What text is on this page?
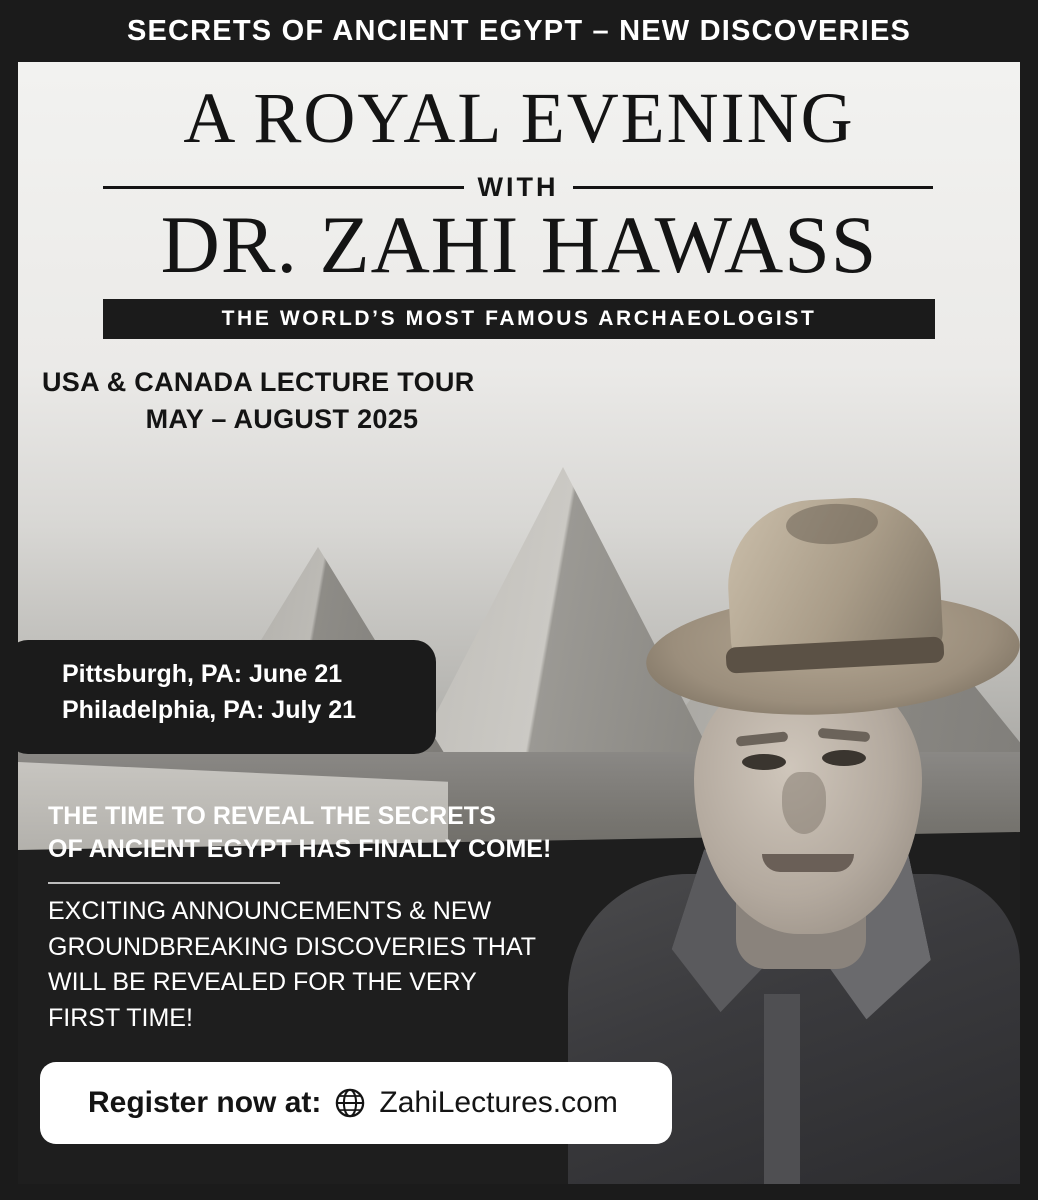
SECRETS OF ANCIENT EGYPT – NEW DISCOVERIES
A ROYAL EVENING
WITH
DR. ZAHI HAWASS
THE WORLD’S MOST FAMOUS ARCHAEOLOGIST
USA & CANADA LECTURE TOUR
MAY – AUGUST 2025
Pittsburgh, PA: June 21
Philadelphia, PA: July 21
THE TIME TO REVEAL THE SECRETS
OF ANCIENT EGYPT HAS FINALLY COME!
EXCITING ANNOUNCEMENTS & NEW
GROUNDBREAKING DISCOVERIES THAT
WILL BE REVEALED FOR THE VERY
FIRST TIME!
Register now at: ZahiLectures.com
